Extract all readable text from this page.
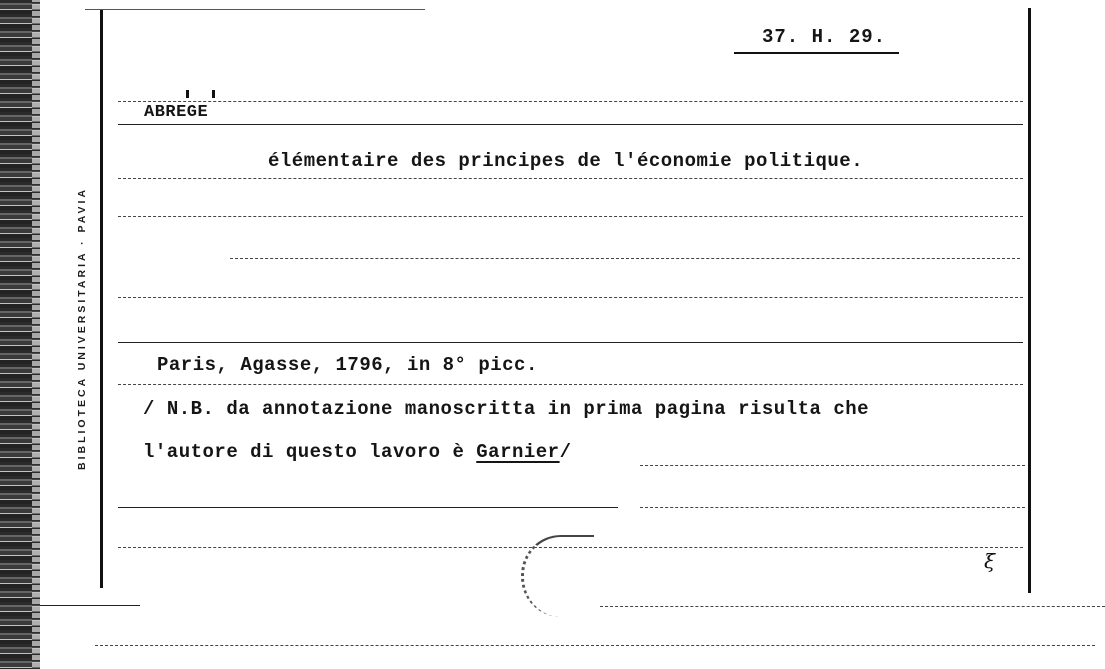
BIBLIOTECA UNIVERSITARIA · PAVIA
37. H. 29.
ABREGE
élémentaire des principes de l'économie politique.
Paris, Agasse, 1796, in 8° picc.
/ N.B. da annotazione manoscritta in prima pagina risulta che
l'autore di questo lavoro è Garnier/
ξ
